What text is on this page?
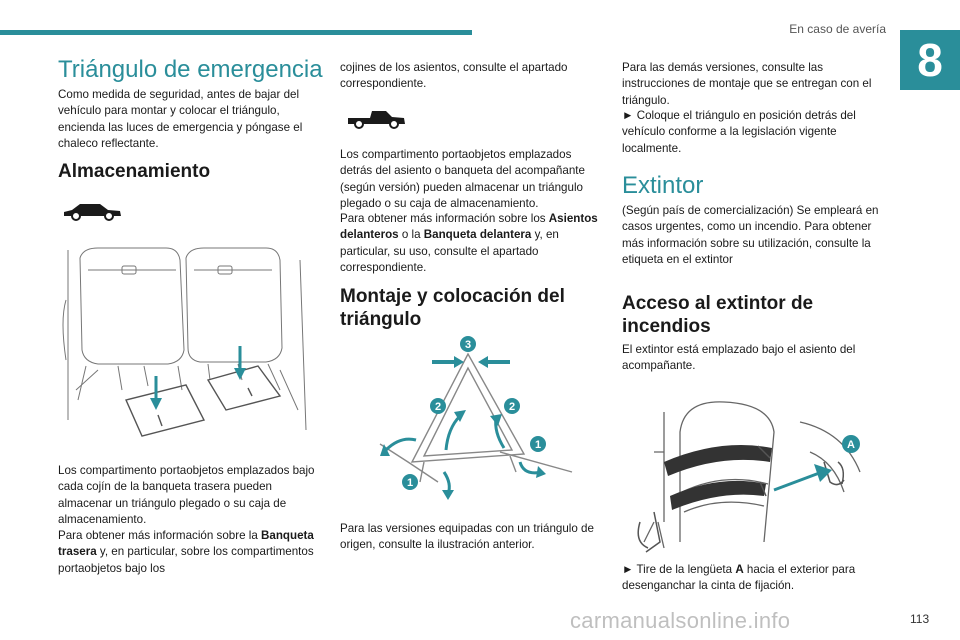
En caso de avería
8
Triángulo de emergencia

Como medida de seguridad, antes de bajar del vehículo para montar y colocar el triángulo, encienda las luces de emergencia y póngase el chaleco reflectante.

Almacenamiento

Los compartimento portaobjetos emplazados bajo cada cojín de la banqueta trasera pueden almacenar un triángulo plegado o su caja de almacenamiento.

Para obtener más información sobre la Banqueta trasera y, en particular, sobre los compartimentos portaobjetos bajo los

cojines de los asientos, consulte el apartado correspondiente.

Los compartimento portaobjetos emplazados detrás del asiento o banqueta del acompañante (según versión) pueden almacenar un triángulo plegado o su caja de almacenamiento.

Para obtener más información sobre los Asientos delanteros o la Banqueta delantera y, en particular, su uso, consulte el apartado correspondiente.

Montaje y colocación del triángulo
3
2	2
1
1

Para las versiones equipadas con un triángulo de origen, consulte la ilustración anterior.

Para las demás versiones, consulte las instrucciones de montaje que se entregan con el triángulo.

► Coloque el triángulo en posición detrás del vehículo conforme a la legislación vigente localmente.

Extintor

(Según país de comercialización) Se empleará en casos urgentes, como un incendio. Para obtener más información sobre su utilización, consulte la etiqueta en el extintor

Acceso al extintor de incendios

El extintor está emplazado bajo el asiento del acompañante.

A

► Tire de la lengüeta A hacia el exterior para desenganchar la cinta de fijación.

carmanualsonline.info	113
